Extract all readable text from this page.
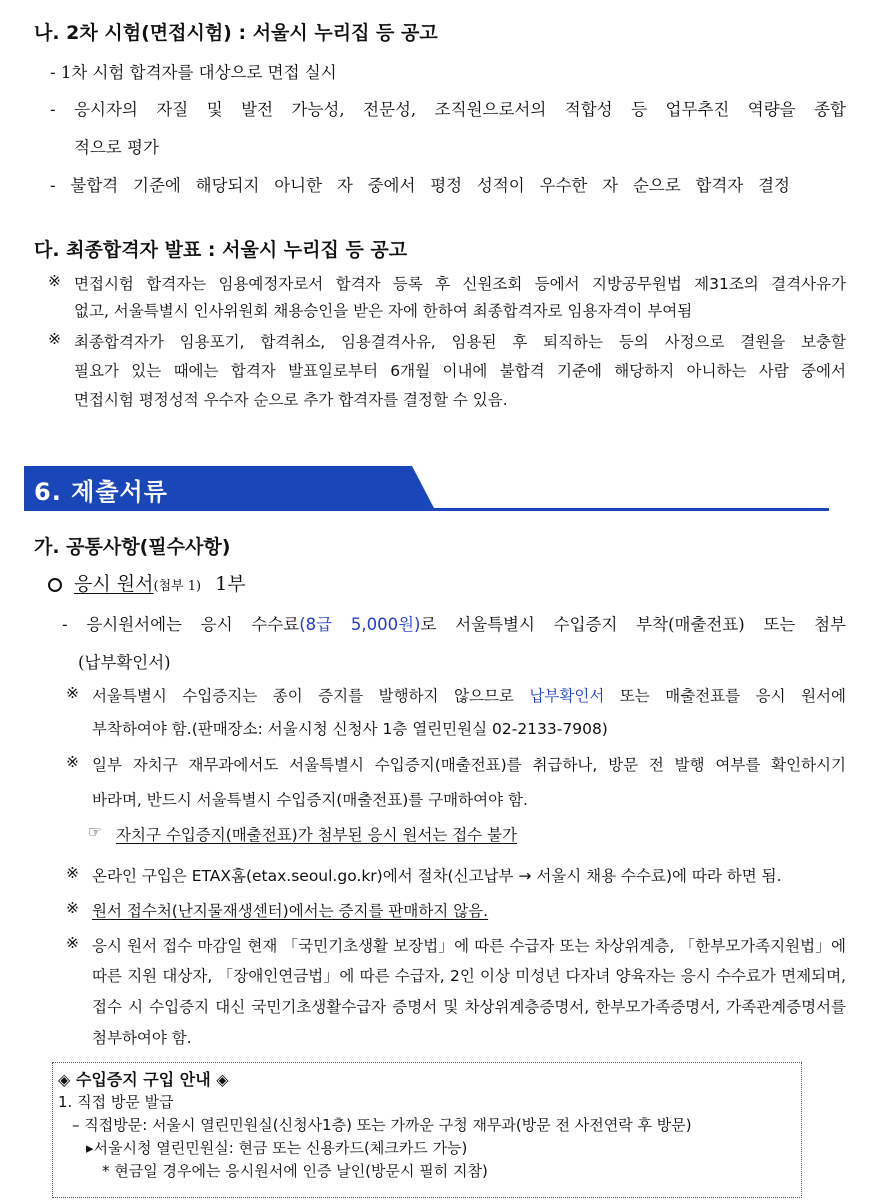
나. 2차 시험(면접시험) : 서울시 누리집 등 공고
- 1차 시험 합격자를 대상으로 면접 실시
- 응시자의 자질 및 발전 가능성, 전문성, 조직원으로서의 적합성 등 업무추진 역량을 종합
적으로 평가
- 불합격 기준에 해당되지 아니한 자 중에서 평정 성적이 우수한 자 순으로 합격자 결정
다. 최종합격자 발표 : 서울시 누리집 등 공고
※ 면접시험 합격자는 임용예정자로서 합격자 등록 후 신원조회 등에서 지방공무원법 제31조의 결격사유가
없고, 서울특별시 인사위원회 채용승인을 받은 자에 한하여 최종합격자로 임용자격이 부여됨
※ 최종합격자가 임용포기, 합격취소, 임용결격사유, 임용된 후 퇴직하는 등의 사정으로 결원을 보충할
필요가 있는 때에는 합격자 발표일로부터 6개월 이내에 불합격 기준에 해당하지 아니하는 사람 중에서
면접시험 평정성적 우수자 순으로 추가 합격자를 결정할 수 있음.
6. 제출서류
가. 공통사항(필수사항)
응시 원서(첨부 1) 1부
- 응시원서에는 응시 수수료(8급 5,000원)로 서울특별시 수입증지 부착(매출전표) 또는 첨부
(납부확인서)
※ 서울특별시 수입증지는 종이 증지를 발행하지 않으므로 납부확인서 또는 매출전표를 응시 원서에
부착하여야 함.(판매장소: 서울시청 신청사 1층 열린민원실 02-2133-7908)
※ 일부 자치구 재무과에서도 서울특별시 수입증지(매출전표)를 취급하나, 방문 전 발행 여부를 확인하시기
바라며, 반드시 서울특별시 수입증지(매출전표)를 구매하여야 함.
☞ 자치구 수입증지(매출전표)가 첨부된 응시 원서는 접수 불가
※ 온라인 구입은 ETAX홈(etax.seoul.go.kr)에서 절차(신고납부 → 서울시 채용 수수료)에 따라 하면 됨.
※ 원서 접수처(난지물재생센터)에서는 증지를 판매하지 않음.
※ 응시 원서 접수 마감일 현재 「국민기초생활 보장법」에 따른 수급자 또는 차상위계층, 「한부모가족지원법」에
따른 지원 대상자, 「장애인연금법」에 따른 수급자, 2인 이상 미성년 다자녀 양육자는 응시 수수료가 면제되며,
접수 시 수입증지 대신 국민기초생활수급자 증명서 및 차상위계층증명서, 한부모가족증명서, 가족관계증명서를
첨부하여야 함.
◈ 수입증지 구입 안내 ◈
1. 직접 방문 발급
– 직접방문: 서울시 열린민원실(신청사1층) 또는 가까운 구청 재무과(방문 전 사전연락 후 방문)
▸서울시청 열린민원실: 현금 또는 신용카드(체크카드 가능)
* 현금일 경우에는 응시원서에 인증 날인(방문시 필히 지참)
